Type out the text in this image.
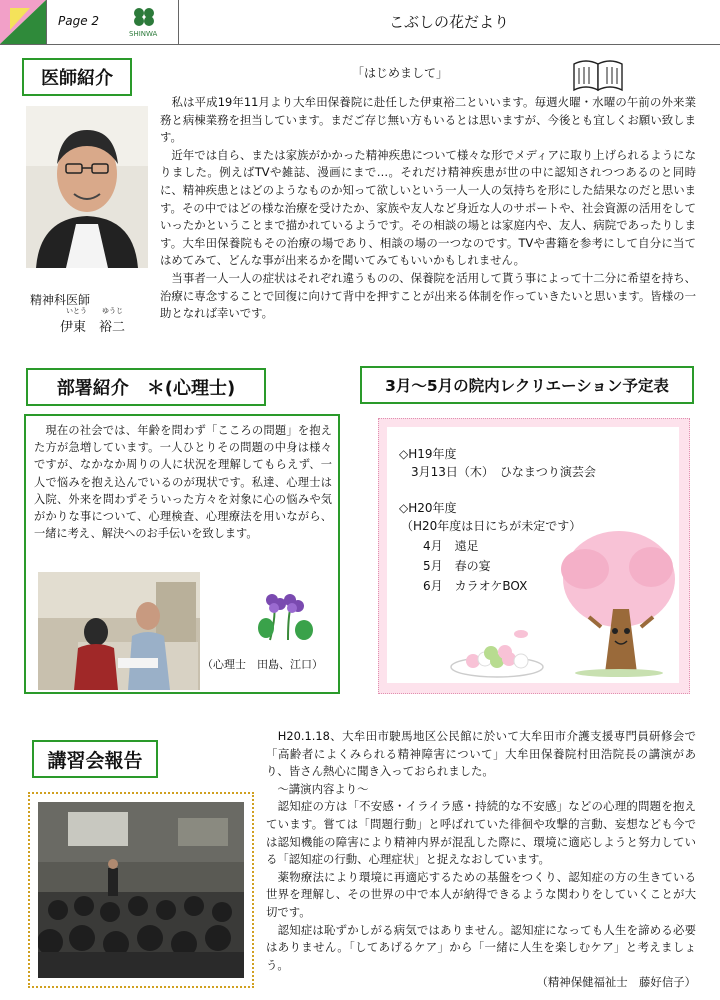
Page 2
SHINWA
こぶしの花だより
医師紹介	「はじめまして」
精神科医師
いとう ゆうじ
伊東　裕二

　私は平成19年11月より大牟田保養院に赴任した伊東裕二といいます。毎週火曜・水曜の午前の外来業務と病棟業務を担当しています。まだご存じ無い方もいるとは思いますが、今後とも宜しくお願い致します。

　近年では自ら、または家族がかかった精神疾患について様々な形でメディアに取り上げられるようになりました。例えばTVや雑誌、漫画にまで…。それだけ精神疾患が世の中に認知されつつあるのと同時に、精神疾患とはどのようなものか知って欲しいという一人一人の気持ちを形にした結果なのだと思います。その中ではどの様な治療を受けたか、家族や友人など身近な人のサポートや、社会資源の活用をしていったかということまで描かれているようです。その相談の場とは家庭内や、友人、病院であったりします。大牟田保養院もその治療の場であり、相談の場の一つなのです。TVや書籍を参考にして自分に当てはめてみて、どんな事が出来るかを聞いてみてもいいかもしれません。

　当事者一人一人の症状はそれぞれ違うものの、保養院を活用して貰う事によって十二分に希望を持ち、治療に専念することで回復に向けて背中を押すことが出来る体制を作っていきたいと思います。皆様の一助となれば幸いです。

部署紹介　＊(心理士)

　現在の社会では、年齢を問わず「こころの問題」を抱えた方が急増しています。一人ひとりその問題の中身は様々ですが、なかなか周りの人に状況を理解してもらえず、一人で悩みを抱え込んでいるのが現状です。私達、心理士は入院、外来を問わずそういった方々を対象に心の悩みや気がかりな事について、心理検査、心理療法を用いながら、一緒に考え、解決へのお手伝いを致します。

（心理士　田島、江口）
3月～5月の院内レクリエーション予定表
◇H19年度
　3月13日（木）　ひなまつり演芸会
◇H20年度
（H20年度は日にちが未定です）
　　4月　遠足
　　5月　春の宴
　　6月　カラオケBOX
講習会報告

　H20.1.18、大牟田市駛馬地区公民館に於いて大牟田市介護支援専門員研修会で「高齢者によくみられる精神障害について」大牟田保養院村田浩院長の講演があり、皆さん熱心に聞き入っておられました。

　～講演内容より～

　認知症の方は「不安感・イライラ感・持続的な不安感」などの心理的問題を抱えています。嘗ては「問題行動」と呼ばれていた徘徊や攻撃的言動、妄想なども今では認知機能の障害により精神内界が混乱した際に、環境に適応しようと努力している「認知症の行動、心理症状」と捉えなおしています。

　薬物療法により環境に再適応するための基盤をつくり、認知症の方の生きている世界を理解し、その世界の中で本人が納得できるような関わりをしていくことが大切です。

　認知症は恥ずかしがる病気ではありません。認知症になっても人生を諦める必要はありません。「してあげるケア」から「一緒に人生を楽しむケア」と考えましょう。

（精神保健福祉士　藤好信子）
